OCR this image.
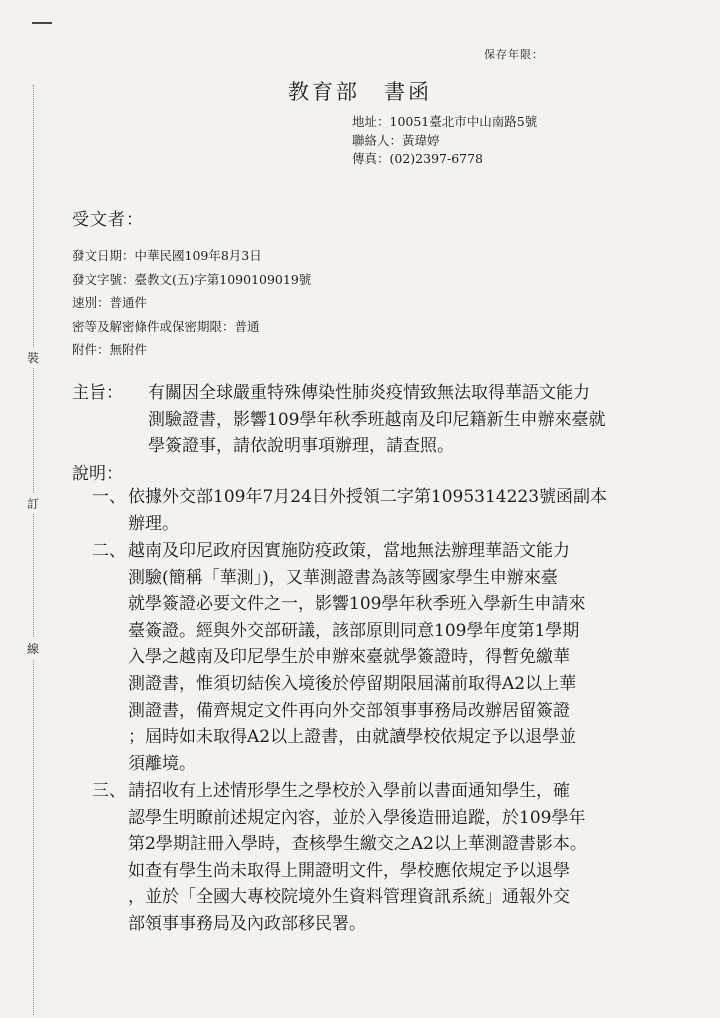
保存年限：
教育部 書函
地址：10051臺北市中山南路5號
聯絡人：黃瑋婷
傳真：(02)2397-6778
受文者：
發文日期：中華民國109年8月3日
發文字號：臺教文(五)字第1090109019號
速別：普通件
密等及解密條件或保密期限：普通
附件：無附件
裝
訂
線
主旨： 有關因全球嚴重特殊傳染性肺炎疫情致無法取得華語文能力
測驗證書，影響109學年秋季班越南及印尼籍新生申辦來臺就
學簽證事，請依說明事項辦理，請查照。
說明：
一、 依據外交部109年7月24日外授領二字第1095314223號函副本
辦理。
二、 越南及印尼政府因實施防疫政策，當地無法辦理華語文能力
測驗(簡稱「華測」)，又華測證書為該等國家學生申辦來臺
就學簽證必要文件之一，影響109學年秋季班入學新生申請來
臺簽證。經與外交部研議，該部原則同意109學年度第1學期
入學之越南及印尼學生於申辦來臺就學簽證時，得暫免繳華
測證書，惟須切結俟入境後於停留期限屆滿前取得A2以上華
測證書，備齊規定文件再向外交部領事事務局改辦居留簽證
；屆時如未取得A2以上證書，由就讀學校依規定予以退學並
須離境。
三、 請招收有上述情形學生之學校於入學前以書面通知學生，確
認學生明瞭前述規定內容，並於入學後造冊追蹤，於109學年
第2學期註冊入學時，查核學生繳交之A2以上華測證書影本。
如查有學生尚未取得上開證明文件，學校應依規定予以退學
，並於「全國大專校院境外生資料管理資訊系統」通報外交
部領事事務局及內政部移民署。
